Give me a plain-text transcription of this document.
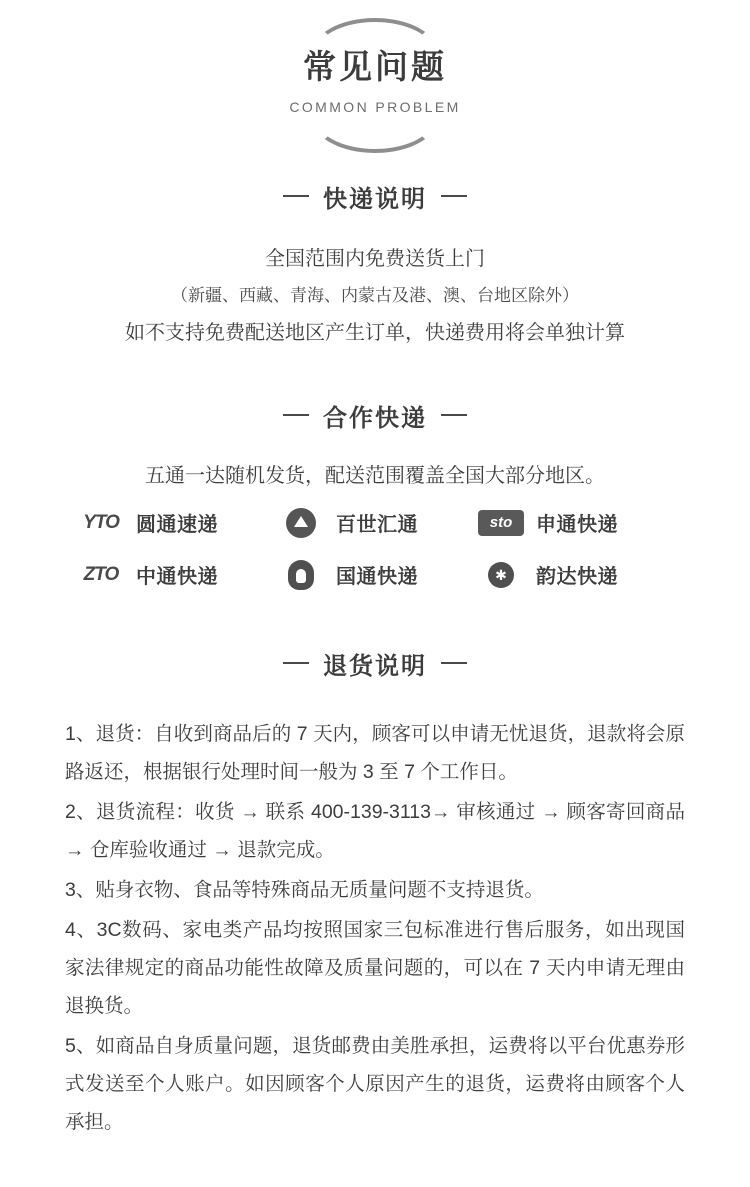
常见问题
COMMON PROBLEM
快递说明
全国范围内免费送货上门
（新疆、西藏、青海、内蒙古及港、澳、台地区除外）
如不支持免费配送地区产生订单，快递费用将会单独计算
合作快递
五通一达随机发货，配送范围覆盖全国大部分地区。
YTO 圆通速递	百世汇通	sto	申通快递
ZTO 中通快递	国通快递	✱	韵达快递
退货说明
1、退货：自收到商品后的 7 天内，顾客可以申请无忧退货，退款将会原路返还，根据银行处理时间一般为 3 至 7 个工作日。
2、退货流程：收货 → 联系 400-139-3113→ 审核通过 → 顾客寄回商品 → 仓库验收通过 → 退款完成。
3、贴身衣物、食品等特殊商品无质量问题不支持退货。
4、3C数码、家电类产品均按照国家三包标准进行售后服务，如出现国家法律规定的商品功能性故障及质量问题的，可以在 7 天内申请无理由退换货。
5、如商品自身质量问题，退货邮费由美胜承担，运费将以平台优惠券形式发送至个人账户。如因顾客个人原因产生的退货，运费将由顾客个人承担。
